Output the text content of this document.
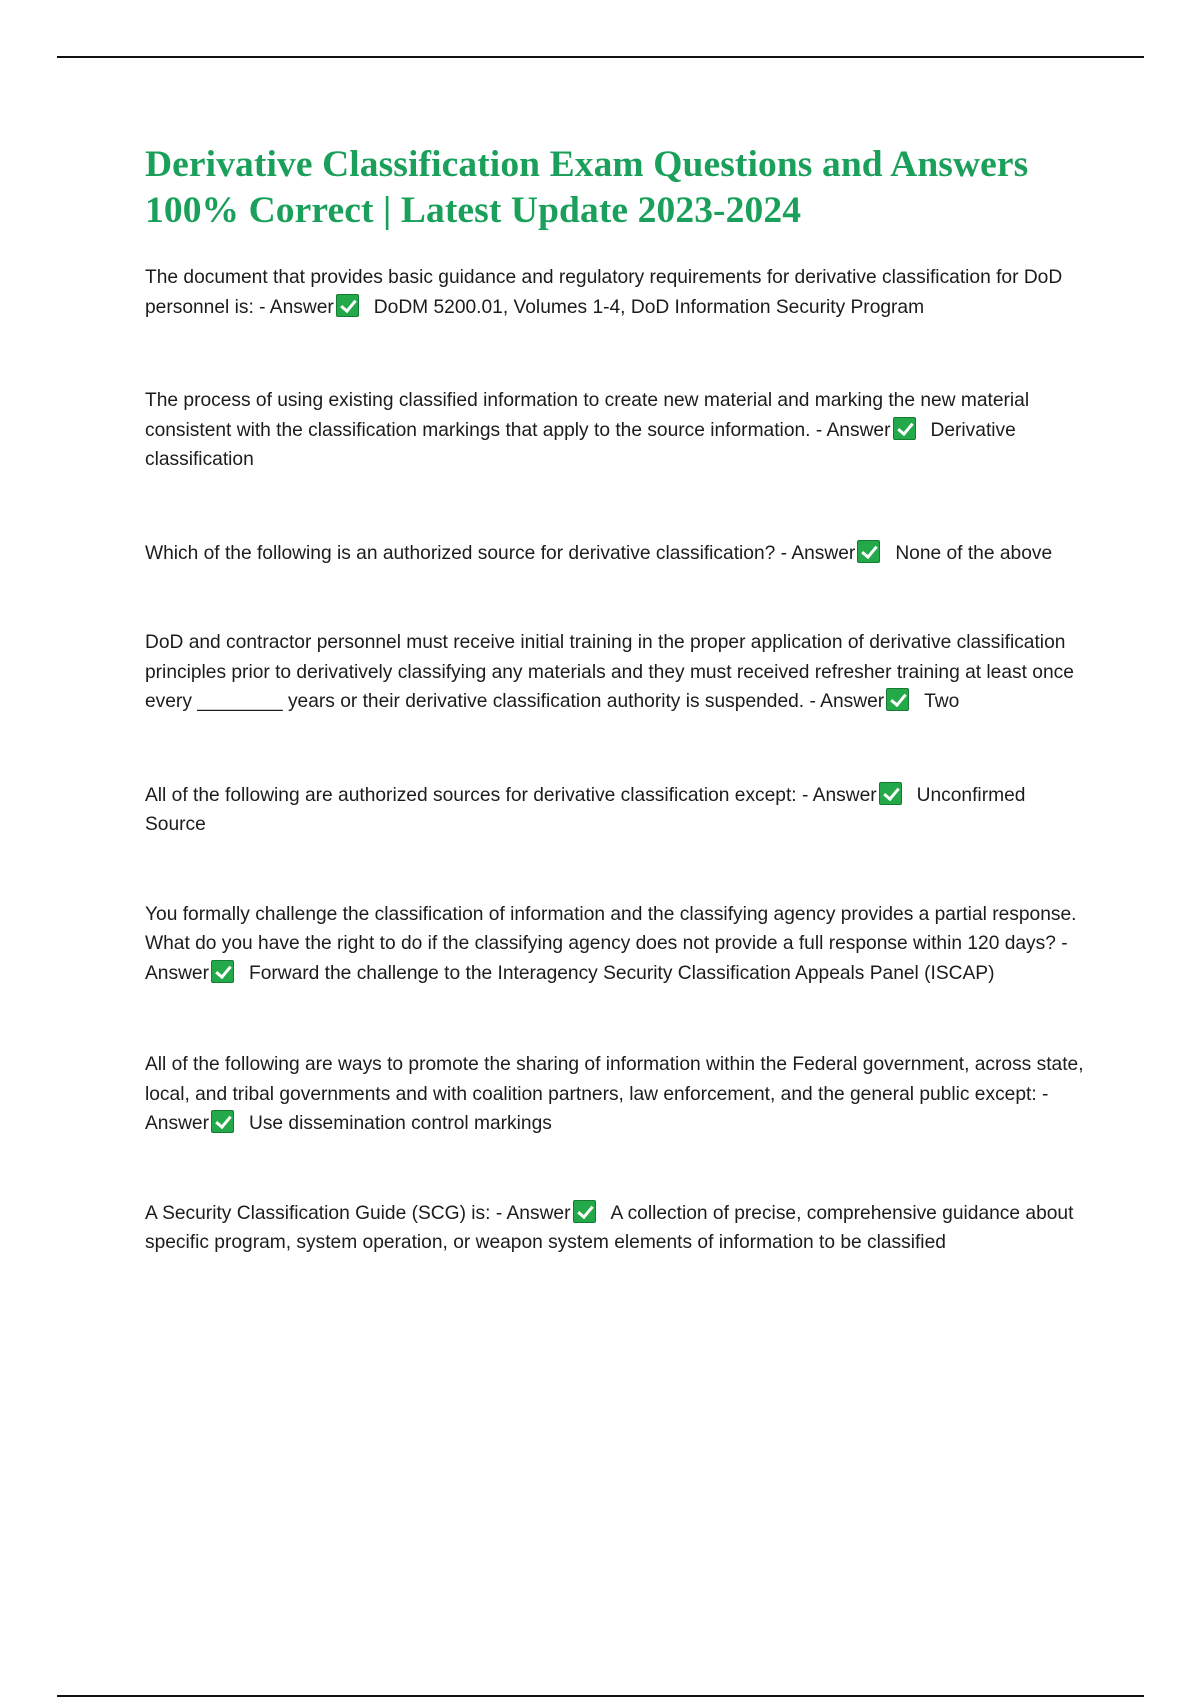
Derivative Classification Exam Questions and Answers 100% Correct | Latest Update 2023-2024

The document that provides basic guidance and regulatory requirements for derivative classification for DoD personnel is: - Answer DoDM 5200.01, Volumes 1-4, DoD Information Security Program

The process of using existing classified information to create new material and marking the new material consistent with the classification markings that apply to the source information. - Answer Derivative classification

Which of the following is an authorized source for derivative classification? - Answer None of the above

DoD and contractor personnel must receive initial training in the proper application of derivative classification principles prior to derivatively classifying any materials and they must received refresher training at least once every ________ years or their derivative classification authority is suspended. - Answer Two

All of the following are authorized sources for derivative classification except: - Answer Unconfirmed Source

You formally challenge the classification of information and the classifying agency provides a partial response. What do you have the right to do if the classifying agency does not provide a full response within 120 days? - Answer Forward the challenge to the Interagency Security Classification Appeals Panel (ISCAP)

All of the following are ways to promote the sharing of information within the Federal government, across state, local, and tribal governments and with coalition partners, law enforcement, and the general public except: - Answer Use dissemination control markings

A Security Classification Guide (SCG) is: - Answer A collection of precise, comprehensive guidance about specific program, system operation, or weapon system elements of information to be classified
